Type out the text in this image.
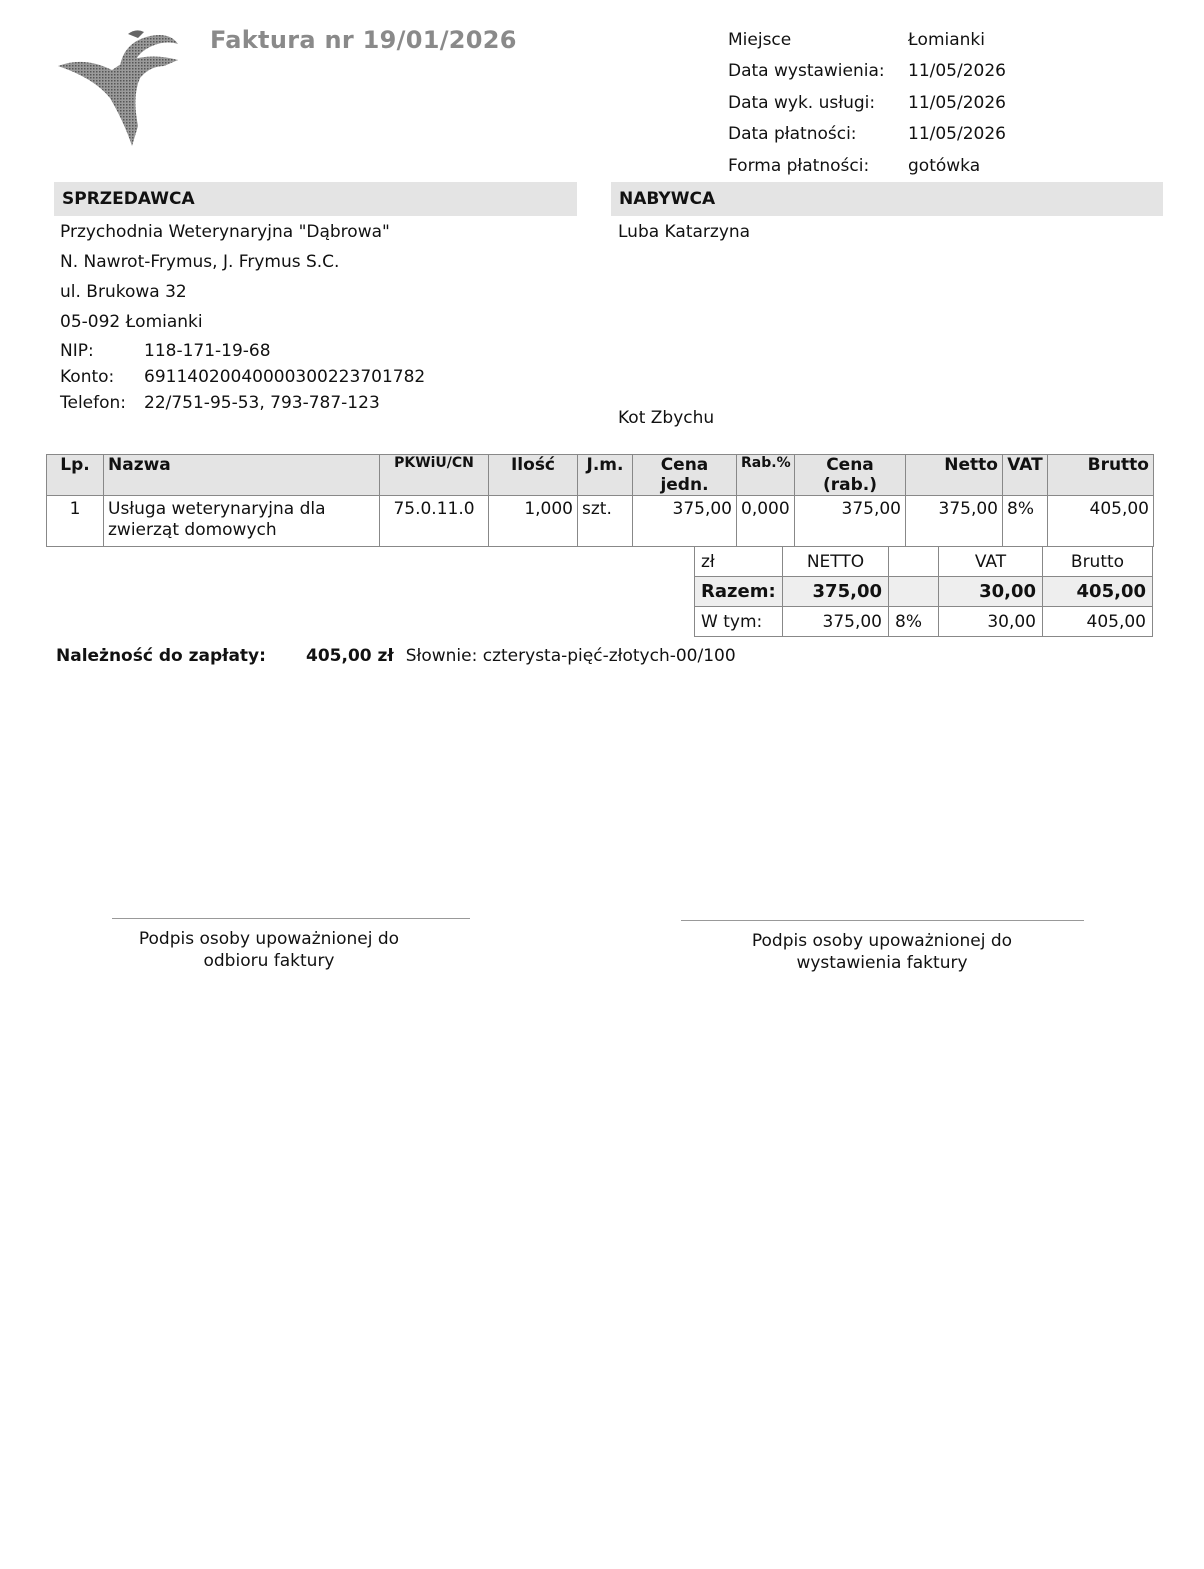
Faktura nr 19/01/2026	Miejsce	Łomianki
Data wystawienia:	11/05/2026
Data wyk. usługi:	11/05/2026
Data płatności:	11/05/2026
Forma płatności:	gotówka
SPRZEDAWCA	NABYWCA
Przychodnia Weterynaryjna "Dąbrowa"
N. Nawrot-Frymus, J. Frymus S.C.
ul. Brukowa 32
05-092 Łomianki
NIP:	118-171-19-68
Konto:	69114020040000300223701782
Telefon:	22/751-95-53, 793-787-123
Luba Katarzyna
Kot Zbychu
Lp.	Nazwa	PKWiU/CN	Ilość	J.m.	Cena jedn.	Rab.%	Cena (rab.)	Netto	VAT	Brutto
1	Usługa weterynaryjna dla zwierząt domowych	75.0.11.0	1,000	szt.	375,00	0,000	375,00	375,00	8%	405,00
zł	NETTO		VAT	Brutto
Razem:	375,00		30,00	405,00
W tym:	375,00	8%	30,00	405,00
Należność do zapłaty:	405,00 zł Słownie: czterysta-pięć-złotych-00/100
Podpis osoby upoważnionej do odbioru faktury
Podpis osoby upoważnionej do wystawienia faktury
